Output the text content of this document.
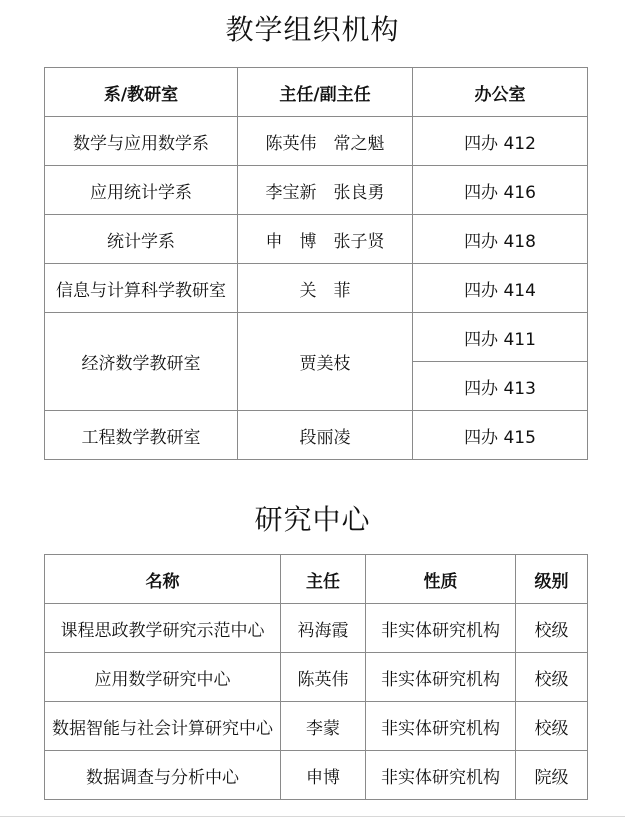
教学组织机构
系/教研室	主任/副主任	办公室
数学与应用数学系	陈英伟　常之魁	四办 412
应用统计学系	李宝新　张良勇	四办 416
统计学系	申　博　张子贤	四办 418
信息与计算科学教研室	关　菲	四办 414
经济数学教研室	贾美枝	四办 411
		四办 413
工程数学教研室	段丽凌	四办 415
研究中心
名称	主任	性质	级别
课程思政教学研究示范中心	祃海霞	非实体研究机构	校级
应用数学研究中心	陈英伟	非实体研究机构	校级
数据智能与社会计算研究中心	李蒙	非实体研究机构	校级
数据调查与分析中心	申博	非实体研究机构	院级
